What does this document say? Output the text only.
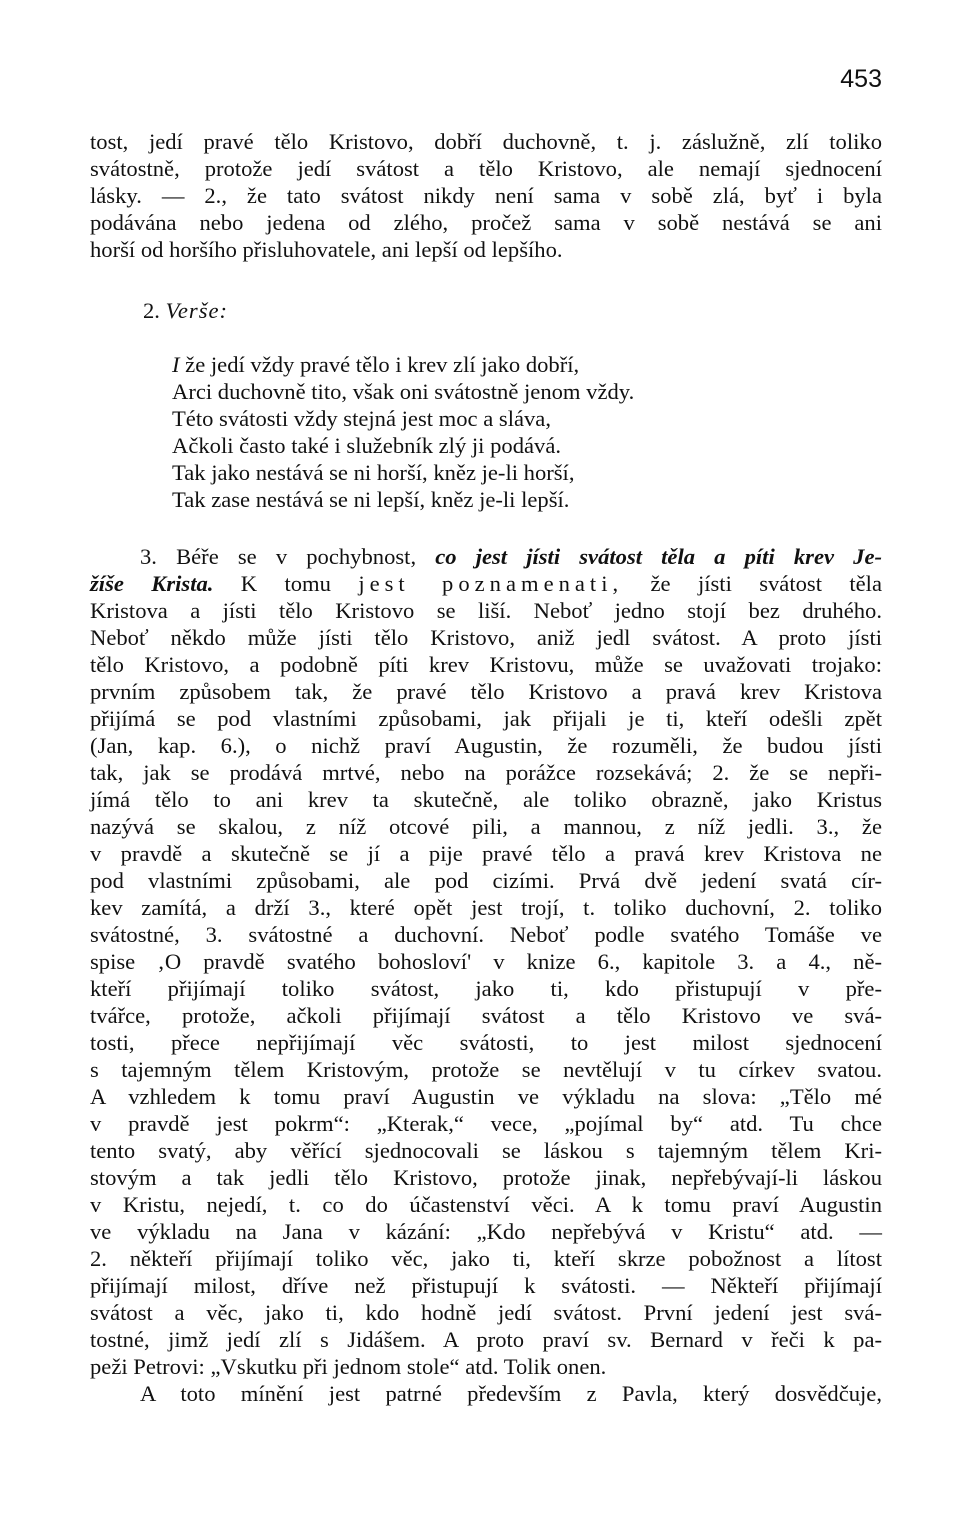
453
tost, jedí pravé tělo Kristovo, dobří duchovně, t. j. záslužně, zlí toliko
svátostně, protože jedí svátost a tělo Kristovo, ale nemají sjednocení
lásky. — 2., že tato svátost nikdy není sama v sobě zlá, byť i byla
podávána nebo jedena od zlého, pročež sama v sobě nestává se ani
horší od horšího přisluhovatele, ani lepší od lepšího.
2. Verše:
I že jedí vždy pravé tělo i krev zlí jako dobří,
Arci duchovně tito, však oni svátostně jenom vždy.
Této svátosti vždy stejná jest moc a sláva,
Ačkoli často také i služebník zlý ji podává.
Tak jako nestává se ni horší, kněz je-li horší,
Tak zase nestává se ni lepší, kněz je-li lepší.
3. Béře se v pochybnost, co jest jísti svátost těla a píti krev Je-
žíše Krista. K tomu jest poznamenati, že jísti svátost těla
Kristova a jísti tělo Kristovo se liší. Neboť jedno stojí bez druhého.
Neboť někdo může jísti tělo Kristovo, aniž jedl svátost. A proto jísti
tělo Kristovo, a podobně píti krev Kristovu, může se uvažovati trojako:
prvním způsobem tak, že pravé tělo Kristovo a pravá krev Kristova
přijímá se pod vlastními způsobami, jak přijali je ti, kteří odešli zpět
(Jan, kap. 6.), o nichž praví Augustin, že rozuměli, že budou jísti
tak, jak se prodává mrtvé, nebo na porážce rozsekává; 2. že se nepři-
jímá tělo to ani krev ta skutečně, ale toliko obrazně, jako Kristus
nazývá se skalou, z níž otcové pili, a mannou, z níž jedli. 3., že
v pravdě a skutečně se jí a pije pravé tělo a pravá krev Kristova ne
pod vlastními způsobami, ale pod cizími. Prvá dvě jedení svatá cír-
kev zamítá, a drží 3., které opět jest trojí, t. toliko duchovní, 2. toliko
svátostné, 3. svátostné a duchovní. Neboť podle svatého Tomáše ve
spise ‚O pravdě svatého bohosloví' v knize 6., kapitole 3. a 4., ně-
kteří přijímají toliko svátost, jako ti, kdo přistupují v pře-
tvářce, protože, ačkoli přijímají svátost a tělo Kristovo ve svá-
tosti, přece nepřijímají věc svátosti, to jest milost sjednocení
s tajemným tělem Kristovým, protože se nevtělují v tu církev svatou.
A vzhledem k tomu praví Augustin ve výkladu na slova: „Tělo mé
v pravdě jest pokrm“: „Kterak,“ vece, „pojímal by“ atd. Tu chce
tento svatý, aby věřící sjednocovali se láskou s tajemným tělem Kri-
stovým a tak jedli tělo Kristovo, protože jinak, nepřebývají-li láskou
v Kristu, nejedí, t. co do účastenství věci. A k tomu praví Augustin
ve výkladu na Jana v kázání: „Kdo nepřebývá v Kristu“ atd. —
2. někteří přijímají toliko věc, jako ti, kteří skrze pobožnost a lítost
přijímají milost, dříve než přistupují k svátosti. — Někteří přijímají
svátost a věc, jako ti, kdo hodně jedí svátost. První jedení jest svá-
tostné, jimž jedí zlí s Jidášem. A proto praví sv. Bernard v řeči k pa-
peži Petrovi: „Vskutku při jednom stole“ atd. Tolik onen.
A toto mínění jest patrné především z Pavla, který dosvědčuje,
